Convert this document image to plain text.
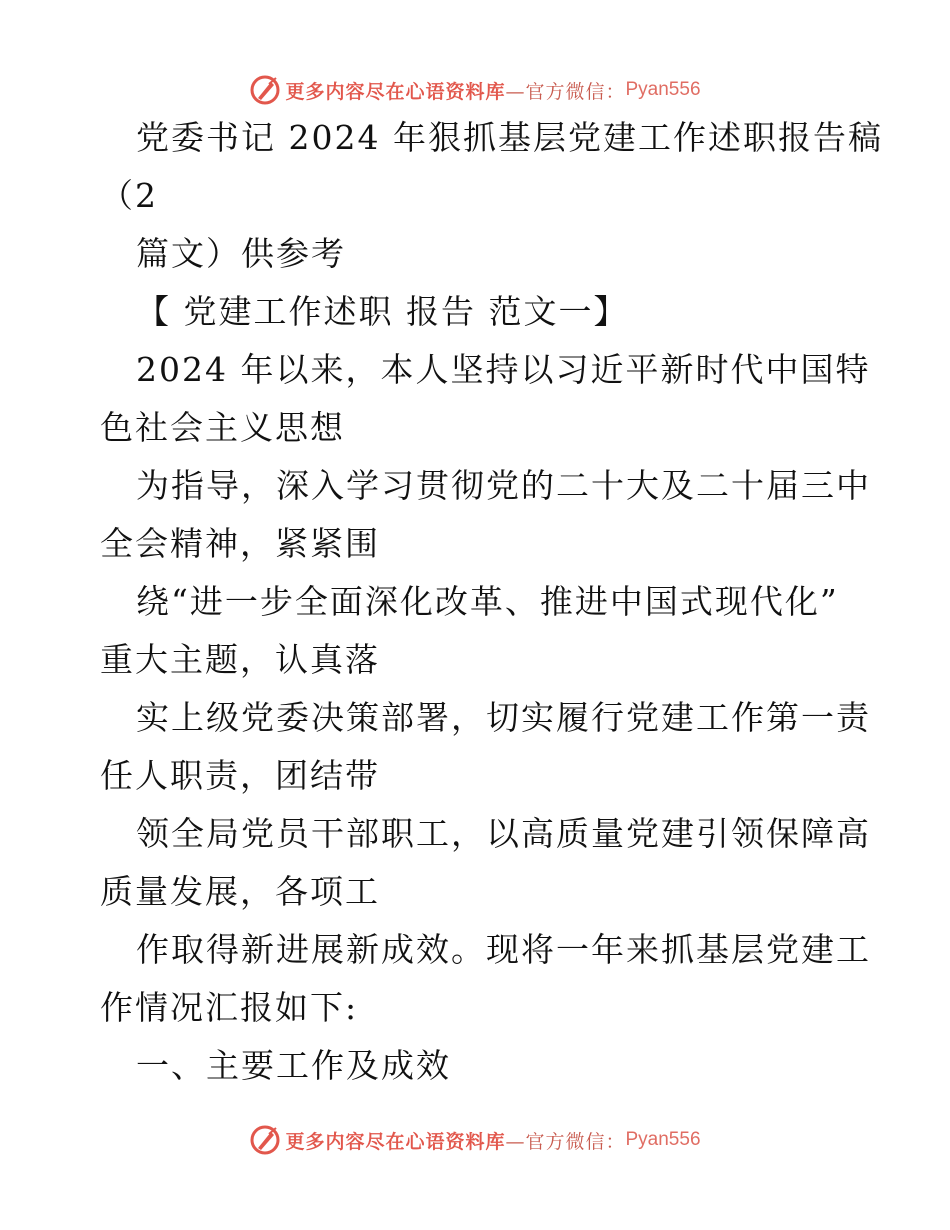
更多内容尽在心语资料库 —官方微信： Pyan556
党委书记 2024 年狠抓基层党建工作述职报告稿
（2
篇文）供参考
【 党建工作述职 报告 范文一】
2024 年以来，本人坚持以习近平新时代中国特
色社会主义思想
为指导，深入学习贯彻党的二十大及二十届三中
全会精神，紧紧围
绕“进一步全面深化改革、推进中国式现代化”
重大主题，认真落
实上级党委决策部署，切实履行党建工作第一责
任人职责，团结带
领全局党员干部职工，以高质量党建引领保障高
质量发展，各项工
作取得新进展新成效。现将一年来抓基层党建工
作情况汇报如下:
一、主要工作及成效
更多内容尽在心语资料库 —官方微信： Pyan556
